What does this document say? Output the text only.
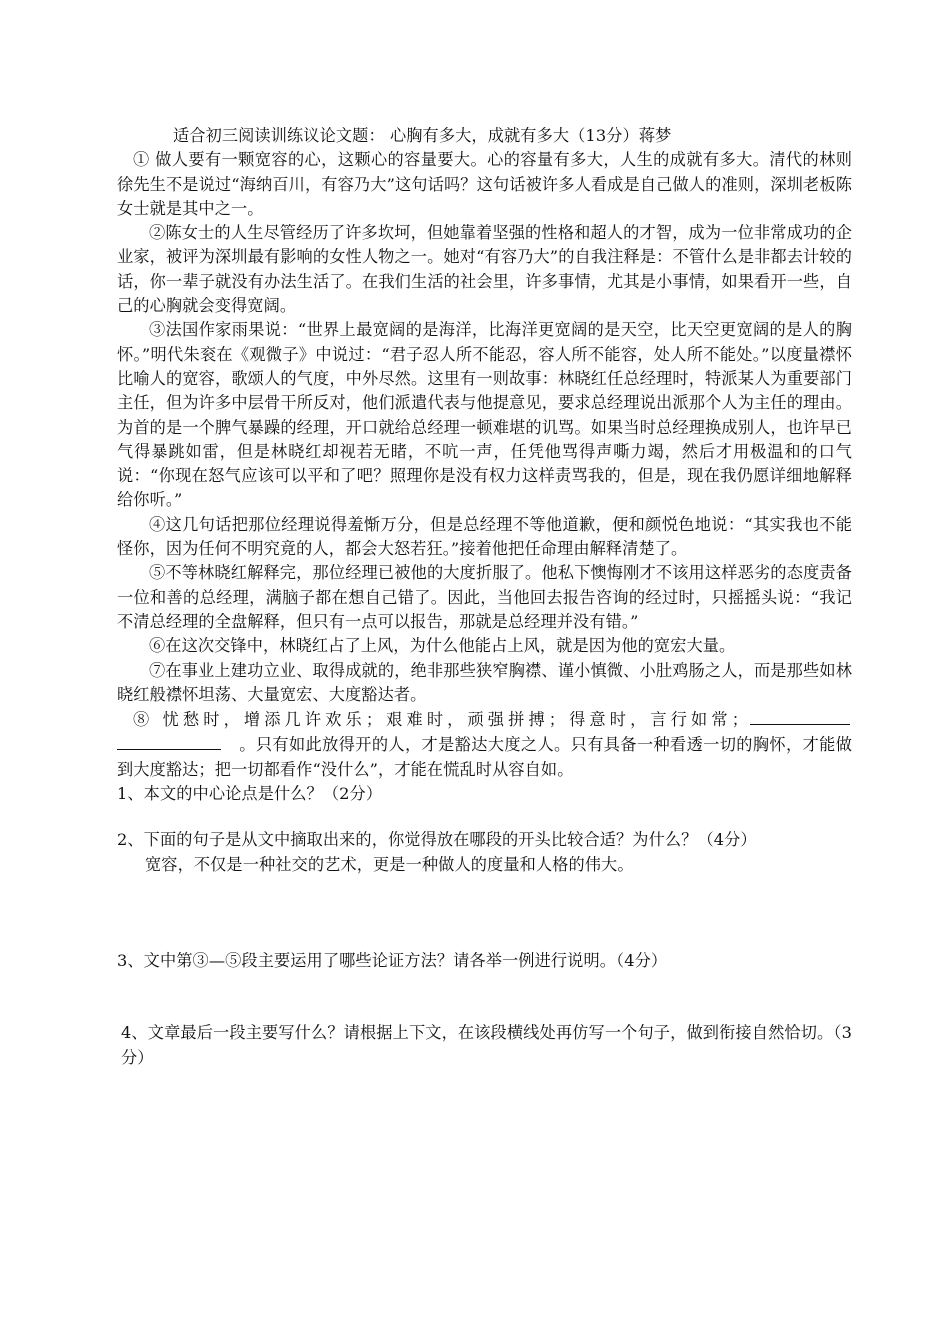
适合初三阅读训练议论文题： 心胸有多大，成就有多大（13分）蒋梦

① 做人要有一颗宽容的心，这颗心的容量要大。心的容量有多大，人生的成就有多大。清代的林则徐先生不是说过“海纳百川，有容乃大”这句话吗？这句话被许多人看成是自己做人的准则，深圳老板陈女士就是其中之一。

②陈女士的人生尽管经历了许多坎坷，但她靠着坚强的性格和超人的才智，成为一位非常成功的企业家，被评为深圳最有影响的女性人物之一。她对“有容乃大”的自我注释是：不管什么是非都去计较的话，你一辈子就没有办法生活了。在我们生活的社会里，许多事情，尤其是小事情，如果看开一些，自己的心胸就会变得宽阔。

③法国作家雨果说：“世界上最宽阔的是海洋，比海洋更宽阔的是天空，比天空更宽阔的是人的胸怀。”明代朱衮在《观微子》中说过：“君子忍人所不能忍，容人所不能容，处人所不能处。”以度量襟怀比喻人的宽容，歌颂人的气度，中外尽然。这里有一则故事：林晓红任总经理时，特派某人为重要部门主任，但为许多中层骨干所反对，他们派遣代表与他提意见，要求总经理说出派那个人为主任的理由。为首的是一个脾气暴躁的经理，开口就给总经理一顿难堪的讥骂。如果当时总经理换成别人，也许早已气得暴跳如雷，但是林晓红却视若无睹，不吭一声，任凭他骂得声嘶力竭，然后才用极温和的口气说：“你现在怒气应该可以平和了吧？照理你是没有权力这样责骂我的，但是，现在我仍愿详细地解释给你听。”

④这几句话把那位经理说得羞惭万分，但是总经理不等他道歉，便和颜悦色地说：“其实我也不能怪你，因为任何不明究竟的人，都会大怒若狂。”接着他把任命理由解释清楚了。

⑤不等林晓红解释完，那位经理已被他的大度折服了。他私下懊悔刚才不该用这样恶劣的态度责备一位和善的总经理，满脑子都在想自己错了。因此，当他回去报告咨询的经过时，只摇摇头说：“我记不清总经理的全盘解释，但只有一点可以报告，那就是总经理并没有错。”

⑥在这次交锋中，林晓红占了上风，为什么他能占上风，就是因为他的宽宏大量。

⑦在事业上建功立业、取得成就的，绝非那些狭窄胸襟、谨小慎微、小肚鸡肠之人，而是那些如林晓红般襟怀坦荡、大量宽宏、大度豁达者。

⑧ 忧愁时，增添几许欢乐；艰难时，顽强拼搏；得意时，言行如常；。只有如此放得开的人，才是豁达大度之人。只有具备一种看透一切的胸怀，才能做到大度豁达；把一切都看作“没什么”，才能在慌乱时从容自如。

1、本文的中心论点是什么？（2分）

2、下面的句子是从文中摘取出来的，你觉得放在哪段的开头比较合适？为什么？（4分）

宽容，不仅是一种社交的艺术，更是一种做人的度量和人格的伟大。

3、文中第③—⑤段主要运用了哪些论证方法？请各举一例进行说明。（4分）

4、文章最后一段主要写什么？请根据上下文，在该段横线处再仿写一个句子，做到衔接自然恰切。（3分）
